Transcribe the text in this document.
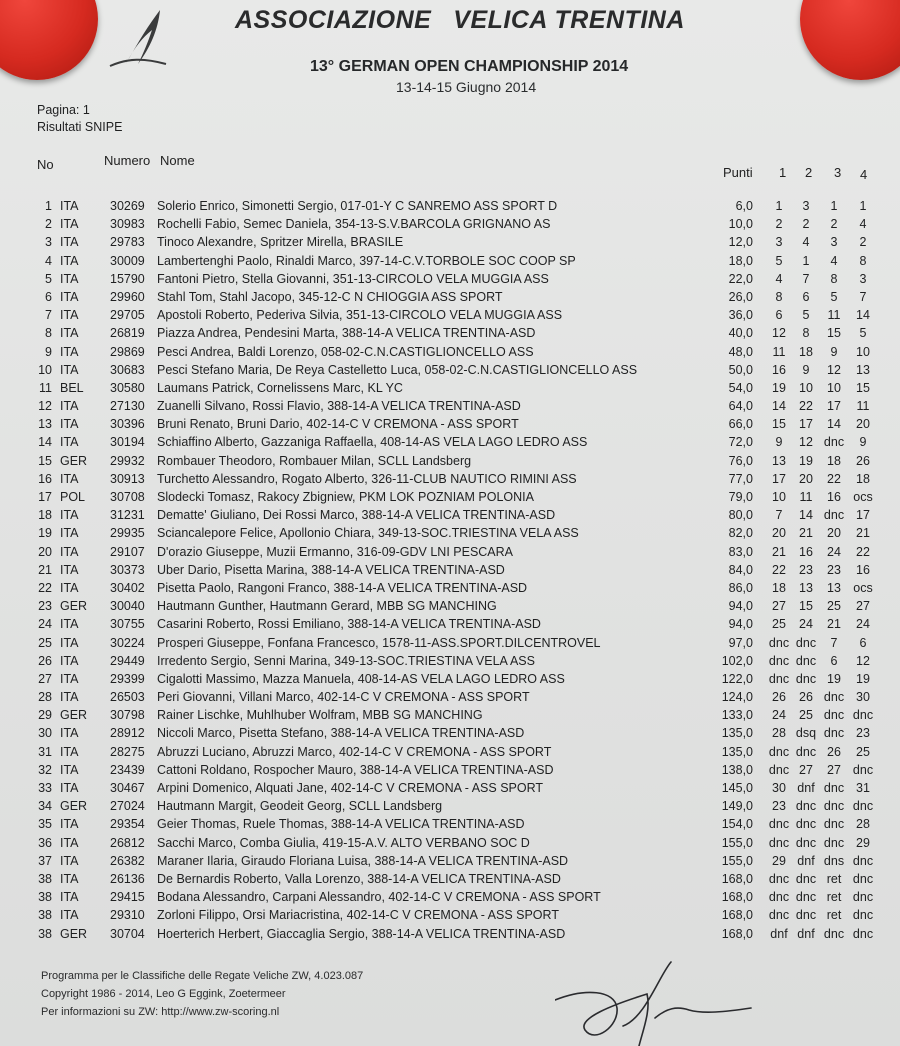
ASSOCIAZIONE VELICA TRENTINA
13° GERMAN OPEN CHAMPIONSHIP 2014
13-14-15 Giugno 2014
Pagina: 1
Risultati SNIPE
No	Numero Nome
Punti 1 2 3 4
1 ITA	30269 Solerio Enrico, Simonetti Sergio, 017-01-Y C SANREMO ASS SPORT D	6,0	1	3	1	1
2 ITA	30983 Rochelli Fabio, Semec Daniela, 354-13-S.V.BARCOLA GRIGNANO AS	10,0	2	2	2	4
3 ITA	29783 Tinoco Alexandre, Spritzer Mirella, BRASILE	12,0	3	4	3	2
4 ITA	30009 Lambertenghi Paolo, Rinaldi Marco, 397-14-C.V.TORBOLE SOC COOP SP	18,0	5	1	4	8
5 ITA	15790 Fantoni Pietro, Stella Giovanni, 351-13-CIRCOLO VELA MUGGIA ASS	22,0	4	7	8	3
6 ITA	29960 Stahl Tom, Stahl Jacopo, 345-12-C N CHIOGGIA ASS SPORT	26,0	8	6	5	7
7 ITA	29705 Apostoli Roberto, Pederiva Silvia, 351-13-CIRCOLO VELA MUGGIA ASS	36,0	6	5	11	14
8 ITA	26819 Piazza Andrea, Pendesini Marta, 388-14-A VELICA TRENTINA-ASD	40,0	12	8	15	5
9 ITA	29869 Pesci Andrea, Baldi Lorenzo, 058-02-C.N.CASTIGLIONCELLO ASS	48,0	11	18	9	10
10 ITA	30683 Pesci Stefano Maria, De Reya Castelletto Luca, 058-02-C.N.CASTIGLIONCELLO ASS	50,0	16	9	12	13
11 BEL 30580 Laumans Patrick, Cornelissens Marc, KL YC	54,0	19	10	10	15
12 ITA	27130 Zuanelli Silvano, Rossi Flavio, 388-14-A VELICA TRENTINA-ASD	64,0	14	22	17	11
13 ITA	30396 Bruni Renato, Bruni Dario, 402-14-C V CREMONA - ASS SPORT	66,0	15	17	14	20
14 ITA	30194 Schiaffino Alberto, Gazzaniga Raffaella, 408-14-AS VELA LAGO LEDRO ASS	72,0	9	12 dnc	9
15 GER 29932 Rombauer Theodoro, Rombauer Milan, SCLL Landsberg	76,0	13	19	18	26
16 ITA	30913 Turchetto Alessandro, Rogato Alberto, 326-11-CLUB NAUTICO RIMINI ASS	77,0	17	20	22	18
17 POL 30708 Slodecki Tomasz, Rakocy Zbigniew, PKM LOK POZNIAM POLONIA	79,0	10	11	16 ocs
18 ITA	31231 Dematte' Giuliano, Dei Rossi Marco, 388-14-A VELICA TRENTINA-ASD	80,0	7	14 dnc 17
19 ITA	29935 Sciancalepore Felice, Apollonio Chiara, 349-13-SOC.TRIESTINA VELA ASS	82,0	20	21	20	21
20 ITA	29107 D'orazio Giuseppe, Muzii Ermanno, 316-09-GDV LNI PESCARA	83,0	21	16	24	22
21 ITA	30373 Uber Dario, Pisetta Marina, 388-14-A VELICA TRENTINA-ASD	84,0	22	23	23	16
22 ITA	30402 Pisetta Paolo, Rangoni Franco, 388-14-A VELICA TRENTINA-ASD	86,0	18	13	13 ocs
23 GER 30040 Hautmann Gunther, Hautmann Gerard, MBB SG MANCHING	94,0	27	15	25	27
24 ITA	30755 Casarini Roberto, Rossi Emiliano, 388-14-A VELICA TRENTINA-ASD	94,0	25	24	21	24
25 ITA	30224 Prosperi Giuseppe, Fonfana Francesco, 1578-11-ASS.SPORT.DILCENTROVEL	97,0	dnc dnc	7	6
26 ITA	29449 Irredento Sergio, Senni Marina, 349-13-SOC.TRIESTINA VELA ASS	102,0	dnc dnc	6	12
27 ITA	29399 Cigalotti Massimo, Mazza Manuela, 408-14-AS VELA LAGO LEDRO ASS	122,0	dnc dnc 19	19
28 ITA	26503 Peri Giovanni, Villani Marco, 402-14-C V CREMONA - ASS SPORT	124,0	26	26 dnc 30
29 GER 30798 Rainer Lischke, Muhlhuber Wolfram, MBB SG MANCHING	133,0	24	25 dnc dnc
30 ITA	28912 Niccoli Marco, Pisetta Stefano, 388-14-A VELICA TRENTINA-ASD	135,0	28 dsq dnc 23
31 ITA	28275 Abruzzi Luciano, Abruzzi Marco, 402-14-C V CREMONA - ASS SPORT	135,0	dnc dnc 26	25
32 ITA	23439 Cattoni Roldano, Rospocher Mauro, 388-14-A VELICA TRENTINA-ASD	138,0	dnc 27	27 dnc
33 ITA	30467 Arpini Domenico, Alquati Jane, 402-14-C V CREMONA - ASS SPORT	145,0	30 dnf dnc 31
34 GER 27024 Hautmann Margit, Geodeit Georg, SCLL Landsberg	149,0	23 dnc dnc dnc
35 ITA	29354 Geier Thomas, Ruele Thomas, 388-14-A VELICA TRENTINA-ASD	154,0	dnc dnc dnc 28
36 ITA	26812 Sacchi Marco, Comba Giulia, 419-15-A.V. ALTO VERBANO SOC D	155,0	dnc dnc dnc 29
37 ITA	26382 Maraner Ilaria, Giraudo Floriana Luisa, 388-14-A VELICA TRENTINA-ASD	155,0	29 dnf dns dnc
38 ITA	26136 De Bernardis Roberto, Valla Lorenzo, 388-14-A VELICA TRENTINA-ASD	168,0	dnc dnc ret dnc
38 ITA	29415 Bodana Alessandro, Carpani Alessandro, 402-14-C V CREMONA - ASS SPORT	168,0	dnc dnc ret dnc
38 ITA	29310 Zorloni Filippo, Orsi Mariacristina, 402-14-C V CREMONA - ASS SPORT	168,0	dnc dnc ret dnc
38 GER 30704 Hoerterich Herbert, Giaccaglia Sergio, 388-14-A VELICA TRENTINA-ASD	168,0	dnf dnf dnc dnc
Programma per le Classifiche delle Regate Veliche ZW, 4.023.087
Copyright 1986 - 2014, Leo G Eggink, Zoetermeer
Per informazioni su ZW: http://www.zw-scoring.nl
